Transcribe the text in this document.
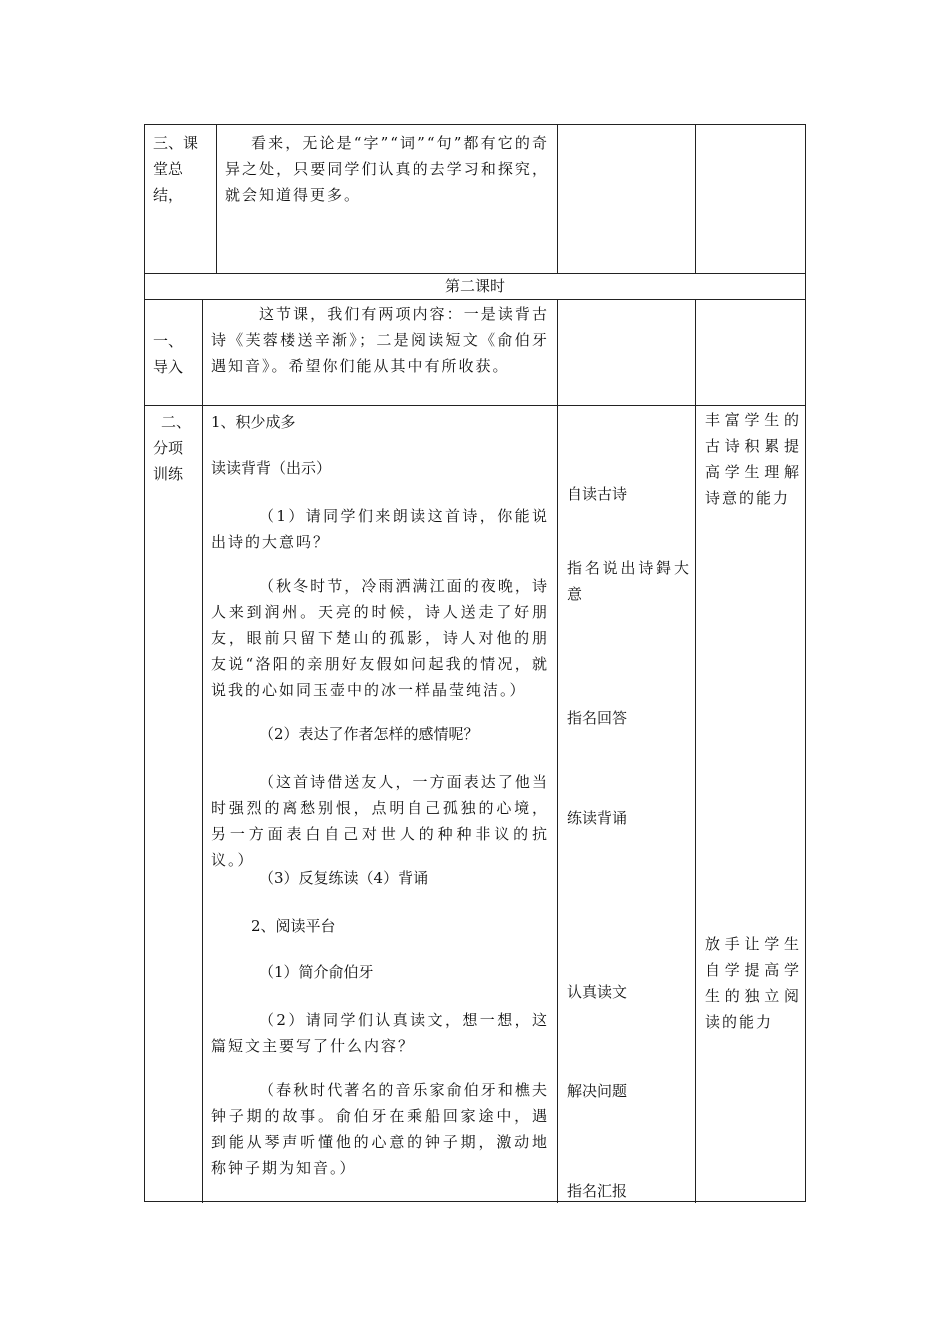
三、课堂总结，
看来，无论是“字”“词”“句”都有它的奇异之处，只要同学们认真的去学习和探究，就会知道得更多。
第二课时
一、导入
这节课，我们有两项内容：一是读背古诗《芙蓉楼送辛渐》；二是阅读短文《俞伯牙遇知音》。希望你们能从其中有所收获。
二、分项训练

1、积少成多

读读背背（出示）

（1）请同学们来朗读这首诗，你能说出诗的大意吗？

（秋冬时节，冷雨洒满江面的夜晚，诗人来到润州。天亮的时候，诗人送走了好朋友，眼前只留下楚山的孤影，诗人对他的朋友说“洛阳的亲朋好友假如问起我的情况，就说我的心如同玉壶中的冰一样晶莹纯洁。）

（2）表达了作者怎样的感情呢？

（这首诗借送友人，一方面表达了他当时强烈的离愁别恨，点明自己孤独的心境，另一方面表白自己对世人的种种非议的抗议。）

（3）反复练读（4）背诵

2、阅读平台

（1）简介俞伯牙

（2）请同学们认真读文，想一想，这篇短文主要写了什么内容？

（春秋时代著名的音乐家俞伯牙和樵夫钟子期的故事。俞伯牙在乘船回家途中，遇到能从琴声听懂他的心意的钟子期，激动地称钟子期为知音。）

自读古诗
指名说出诗鍀大意
指名回答
练读背诵
认真读文
解决问题
指名汇报
丰富学生的古诗积累提高学生理解诗意的能力
放手让学生自学提高学生的独立阅读的能力
